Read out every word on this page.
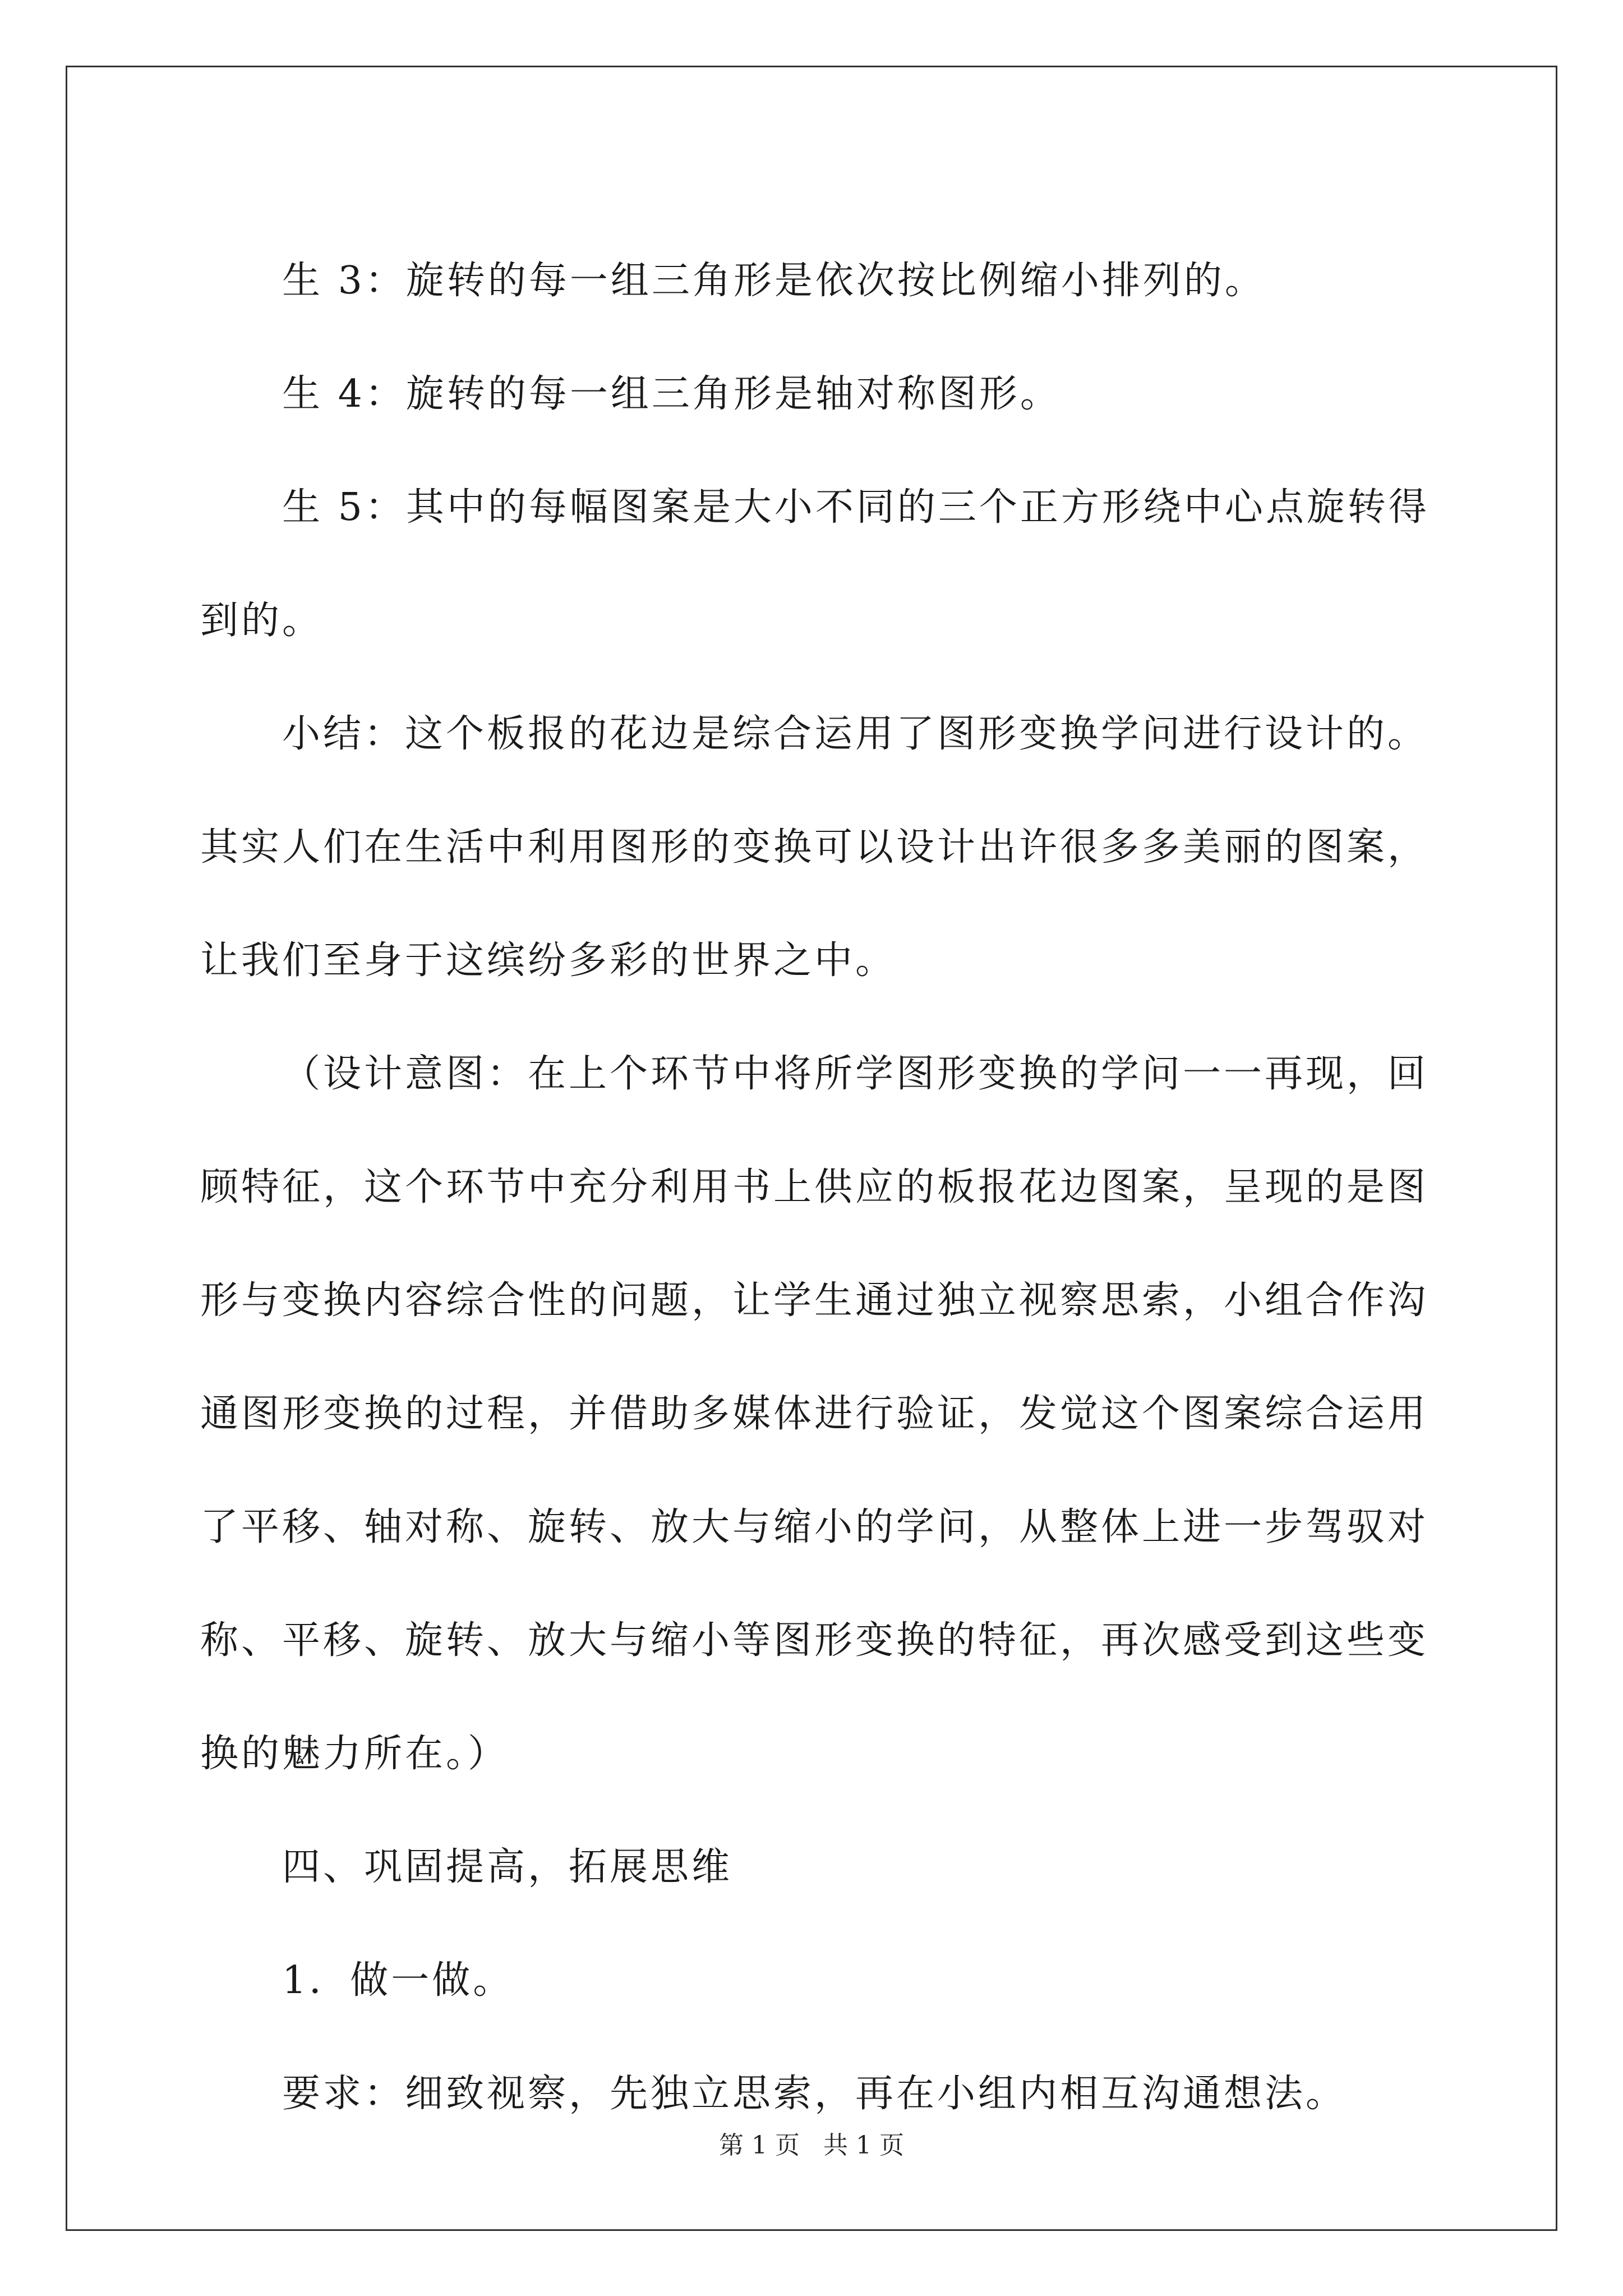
生 3：旋转的每一组三角形是依次按比例缩小排列的。

生 4：旋转的每一组三角形是轴对称图形。

生 5：其中的每幅图案是大小不同的三个正方形绕中心点旋转得

到的。

小结：这个板报的花边是综合运用了图形变换学问进行设计的。

其实人们在生活中利用图形的变换可以设计出许很多多美丽的图案，

让我们至身于这缤纷多彩的世界之中。

（设计意图：在上个环节中将所学图形变换的学问一一再现，回

顾特征，这个环节中充分利用书上供应的板报花边图案，呈现的是图

形与变换内容综合性的问题，让学生通过独立视察思索，小组合作沟

通图形变换的过程，并借助多媒体进行验证，发觉这个图案综合运用

了平移、轴对称、旋转、放大与缩小的学问，从整体上进一步驾驭对

称、平移、旋转、放大与缩小等图形变换的特征，再次感受到这些变

换的魅力所在。）

四、巩固提高，拓展思维

1．做一做。

要求：细致视察，先独立思索，再在小组内相互沟通想法。

第 1 页   共 1 页
